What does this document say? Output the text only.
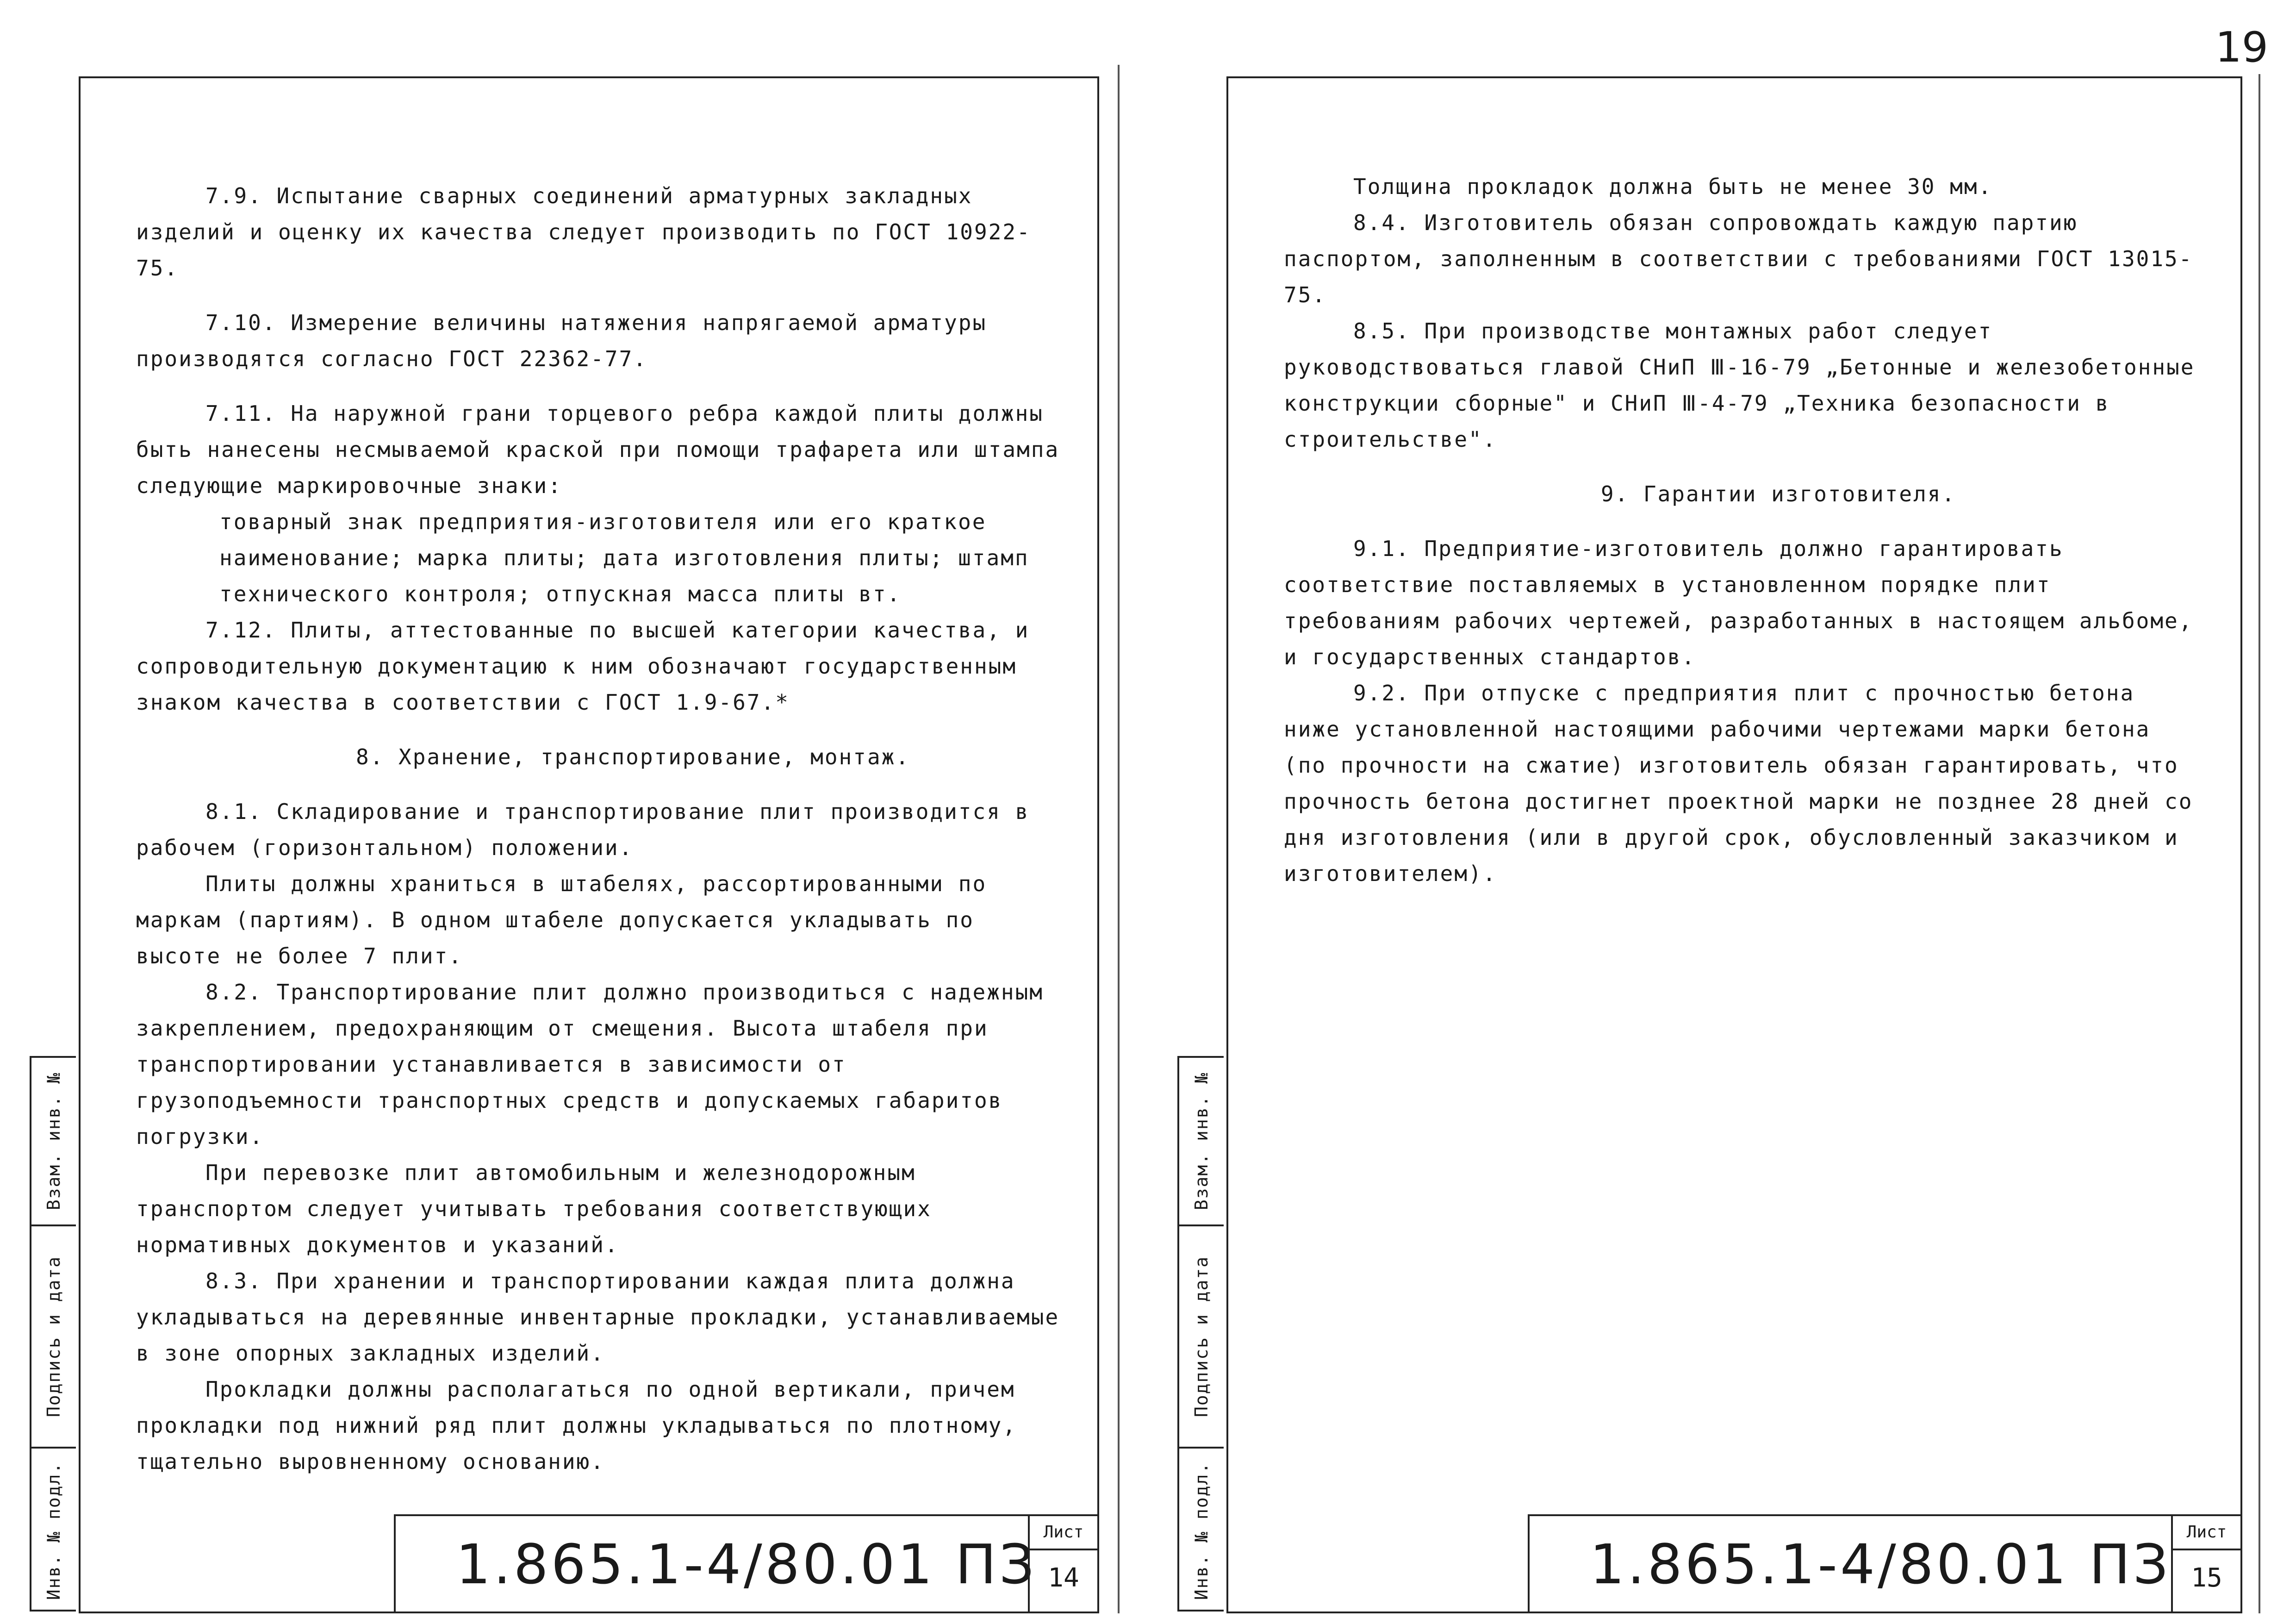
19
Взам. инв. №
Подпись и дата
Инв. № подл.

7.9. Испытание сварных соединений арматурных закладных изделий и оценку их качества следует производить по ГОСТ 10922-75.

7.10. Измерение величины натяжения напрягаемой арматуры производятся согласно ГОСТ 22362-77.

7.11. На наружной грани торцевого ребра каждой плиты должны быть нанесены несмываемой краской при помощи трафарета или штампа следующие маркировочные знаки:

товарный знак предприятия-изготовителя или его краткое наименование; марка плиты; дата изготовления плиты; штамп технического контроля; отпускная масса плиты вт.

7.12. Плиты, аттестованные по высшей категории качества, и сопроводительную документацию к ним обозначают государственным знаком качества в соответствии с ГОСТ 1.9-67.*

8. Хранение, транспортирование, монтаж.

8.1. Складирование и транспортирование плит производится в рабочем (горизонтальном) положении.

Плиты должны храниться в штабелях, рассортированными по маркам (партиям). В одном штабеле допускается укладывать по высоте не более 7 плит.

8.2. Транспортирование плит должно производиться с надежным закреплением, предохраняющим от смещения. Высота штабеля при транспортировании устанавливается в зависимости от грузоподъемности транспортных средств и допускаемых габаритов погрузки.

При перевозке плит автомобильным и железнодорожным транспортом следует учитывать требования соответствующих нормативных документов и указаний.

8.3. При хранении и транспортировании каждая плита должна укладываться на деревянные инвентарные прокладки, устанавливаемые в зоне опорных закладных изделий.

Прокладки должны располагаться по одной вертикали, причем прокладки под нижний ряд плит должны укладываться по плотному, тщательно выровненному основанию.

1.865.1-4/80.01 ПЗ
Лист
14
Взам. инв. №
Подпись и дата
Инв. № подл.

Толщина прокладок должна быть не менее 30 мм.

8.4. Изготовитель обязан сопровождать каждую партию паспортом, заполненным в соответствии с требованиями ГОСТ 13015-75.

8.5. При производстве монтажных работ следует руководствоваться главой СНиП Ⅲ-16-79 „Бетонные и железобетонные конструкции сборные" и СНиП Ⅲ-4-79 „Техника безопасности в строительстве".

9. Гарантии изготовителя.

9.1. Предприятие-изготовитель должно гарантировать соответствие поставляемых в установленном порядке плит требованиям рабочих чертежей, разработанных в настоящем альбоме, и государственных стандартов.

9.2. При отпуске с предприятия плит с прочностью бетона ниже установленной настоящими рабочими чертежами марки бетона (по прочности на сжатие) изготовитель обязан гарантировать, что прочность бетона достигнет проектной марки не позднее 28 дней со дня изготовления (или в другой срок, обусловленный заказчиком и изготовителем).

1.865.1-4/80.01 ПЗ
Лист
15
